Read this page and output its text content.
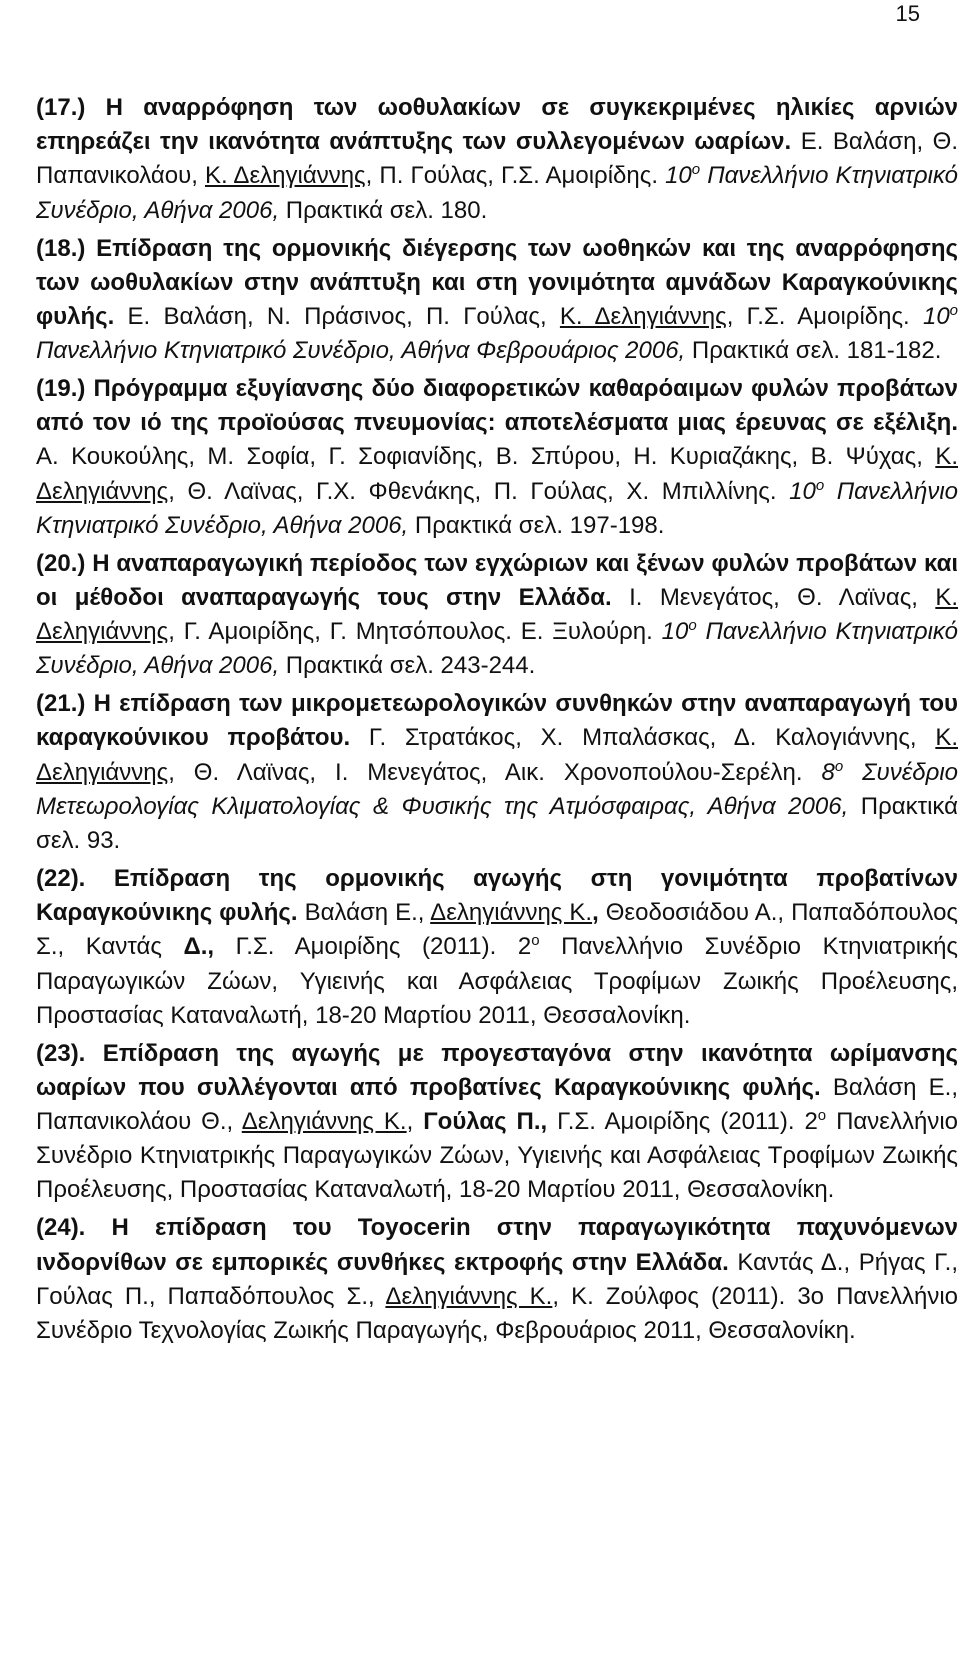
15

(17.) Η αναρρόφηση των ωοθυλακίων σε συγκεκριμένες ηλικίες αρνιών επηρεάζει την ικανότητα ανάπτυξης των συλλεγομένων ωαρίων. Ε. Βαλάση, Θ. Παπανικολάου, Κ. Δεληγιάννης, Π. Γούλας, Γ.Σ. Αμοιρίδης. $10^o$ Πανελλήνιο Κτηνιατρικό Συνέδριο, Αθήνα 2006, Πρακτικά σελ. 180.

(18.) Επίδραση της ορμονικής διέγερσης των ωοθηκών και της αναρρόφησης των ωοθυλακίων στην ανάπτυξη και στη γονιμότητα αμνάδων Καραγκούνικης φυλής. Ε. Βαλάση, Ν. Πράσινος, Π. Γούλας, Κ. Δεληγιάννης, Γ.Σ. Αμοιρίδης. $10^o$ Πανελλήνιο Κτηνιατρικό Συνέδριο, Αθήνα Φεβρουάριος 2006, Πρακτικά σελ. 181-182.

(19.) Πρόγραμμα εξυγίανσης δύο διαφορετικών καθαρόαιμων φυλών προβάτων από τον ιό της προϊούσας πνευμονίας: αποτελέσματα μιας έρευνας σε εξέλιξη. Α. Κουκούλης, Μ. Σοφία, Γ. Σοφιανίδης, Β. Σπύρου, Η. Κυριαζάκης, Β. Ψύχας, Κ. Δεληγιάννης, Θ. Λαϊνας, Γ.Χ. Φθενάκης, Π. Γούλας, Χ. Μπιλλίνης. $10^o$ Πανελλήνιο Κτηνιατρικό Συνέδριο, Αθήνα 2006, Πρακτικά σελ. 197-198.

(20.) Η αναπαραγωγική περίοδος των εγχώριων και ξένων φυλών προβάτων και οι μέθοδοι αναπαραγωγής τους στην Ελλάδα. Ι. Μενεγάτος, Θ. Λαϊνας, Κ. Δεληγιάννης, Γ. Αμοιρίδης, Γ. Μητσόπουλος. Ε. Ξυλούρη. $10^o$ Πανελλήνιο Κτηνιατρικό Συνέδριο, Αθήνα 2006, Πρακτικά σελ. 243-244.

(21.) Η επίδραση των μικρομετεωρολογικών συνθηκών στην αναπαραγωγή του καραγκούνικου προβάτου. Γ. Στρατάκος, Χ. Μπαλάσκας, Δ. Καλογιάννης, Κ. Δεληγιάννης, Θ. Λαϊνας, Ι. Μενεγάτος, Αικ. Χρονοπούλου-Σερέλη. $8^o$ Συνέδριο Μετεωρολογίας Κλιματολογίας & Φυσικής της Ατμόσφαιρας, Αθήνα 2006, Πρακτικά σελ. 93.

(22). Επίδραση της ορμονικής αγωγής στη γονιμότητα προβατίνων Καραγκούνικης φυλής. Βαλάση Ε., Δεληγιάννης Κ., Θεοδοσιάδου Α., Παπαδόπουλος Σ., Καντάς Δ., Γ.Σ. Αμοιρίδης (2011). $2^o$ Πανελλήνιο Συνέδριο Κτηνιατρικής Παραγωγικών Ζώων, Υγιεινής και Ασφάλειας Τροφίμων Ζωικής Προέλευσης, Προστασίας Καταναλωτή, 18-20 Μαρτίου 2011, Θεσσαλονίκη.

(23). Επίδραση της αγωγής με προγεσταγόνα στην ικανότητα ωρίμανσης ωαρίων που συλλέγονται από προβατίνες Καραγκούνικης φυλής. Βαλάση Ε., Παπανικολάου Θ., Δεληγιάννης Κ., Γούλας Π., Γ.Σ. Αμοιρίδης (2011). $2^o$ Πανελλήνιο Συνέδριο Κτηνιατρικής Παραγωγικών Ζώων, Υγιεινής και Ασφάλειας Τροφίμων Ζωικής Προέλευσης, Προστασίας Καταναλωτή, 18-20 Μαρτίου 2011, Θεσσαλονίκη.

(24). Η επίδραση του Toyocerin στην παραγωγικότητα παχυνόμενων ινδορνίθων σε εμπορικές συνθήκες εκτροφής στην Ελλάδα. Καντάς Δ., Ρήγας Γ., Γούλας Π., Παπαδόπουλος Σ., Δεληγιάννης Κ., Κ. Ζούλφος (2011). 3ο Πανελλήνιο Συνέδριο Τεχνολογίας Ζωικής Παραγωγής, Φεβρουάριος 2011, Θεσσαλονίκη.
